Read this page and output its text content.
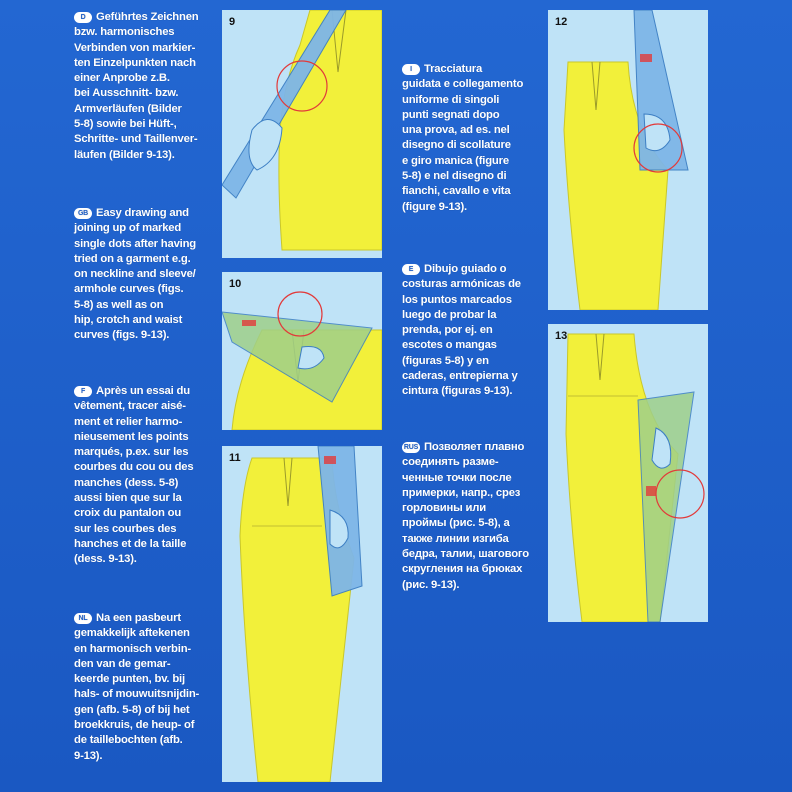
D Geführtes Zeichnen
bzw. harmonisches
Verbinden von markier-
ten Einzelpunkten nach
einer Anprobe z.B.
bei Ausschnitt- bzw.
Armverläufen (Bilder
5-8) sowie bei Hüft-,
Schritte- und Taillenver-
läufen (Bilder 9-13).

GB Easy drawing and
joining up of marked
single dots after having
tried on a garment e.g.
on neckline and sleeve/
armhole curves (figs.
5-8) as well as on
hip, crotch and waist
curves (figs. 9-13).

F Après un essai du
vêtement, tracer aisé-
ment et relier harmo-
nieusement les points
marqués, p.ex. sur les
courbes du cou ou des
manches (dess. 5-8)
aussi bien que sur la
croix du pantalon ou
sur les courbes des
hanches et de la taille
(dess. 9-13).

NL Na een pasbeurt
gemakkelijk aftekenen
en harmonisch verbin-
den van de gemar-
keerde punten, bv. bij
hals- of mouwuitsnijdin-
gen (afb. 5-8) of bij het
broekkruis, de heup- of
de taillebochten (afb.
9-13).

I Tracciatura
guidata e collegamento
uniforme di singoli
punti segnati dopo
una prova, ad es. nel
disegno di scollature
e giro manica (figure
5-8) e nel disegno di
fianchi, cavallo e vita
(figure 9-13).

E Dibujo guiado o
costuras armónicas de
los puntos marcados
luego de probar la
prenda, por ej. en
escotes o mangas
(figuras 5-8) y en
caderas, entrepierna y
cintura (figuras 9-13).

RUS Позволяет плавно
соединять разме-
ченные точки после
примерки, напр., срез
горловины или
проймы (рис. 5-8), а
также линии изгиба
бедра, талии, шагового
скругления на брюках
(рис. 9-13).

9
10
11
12
13
